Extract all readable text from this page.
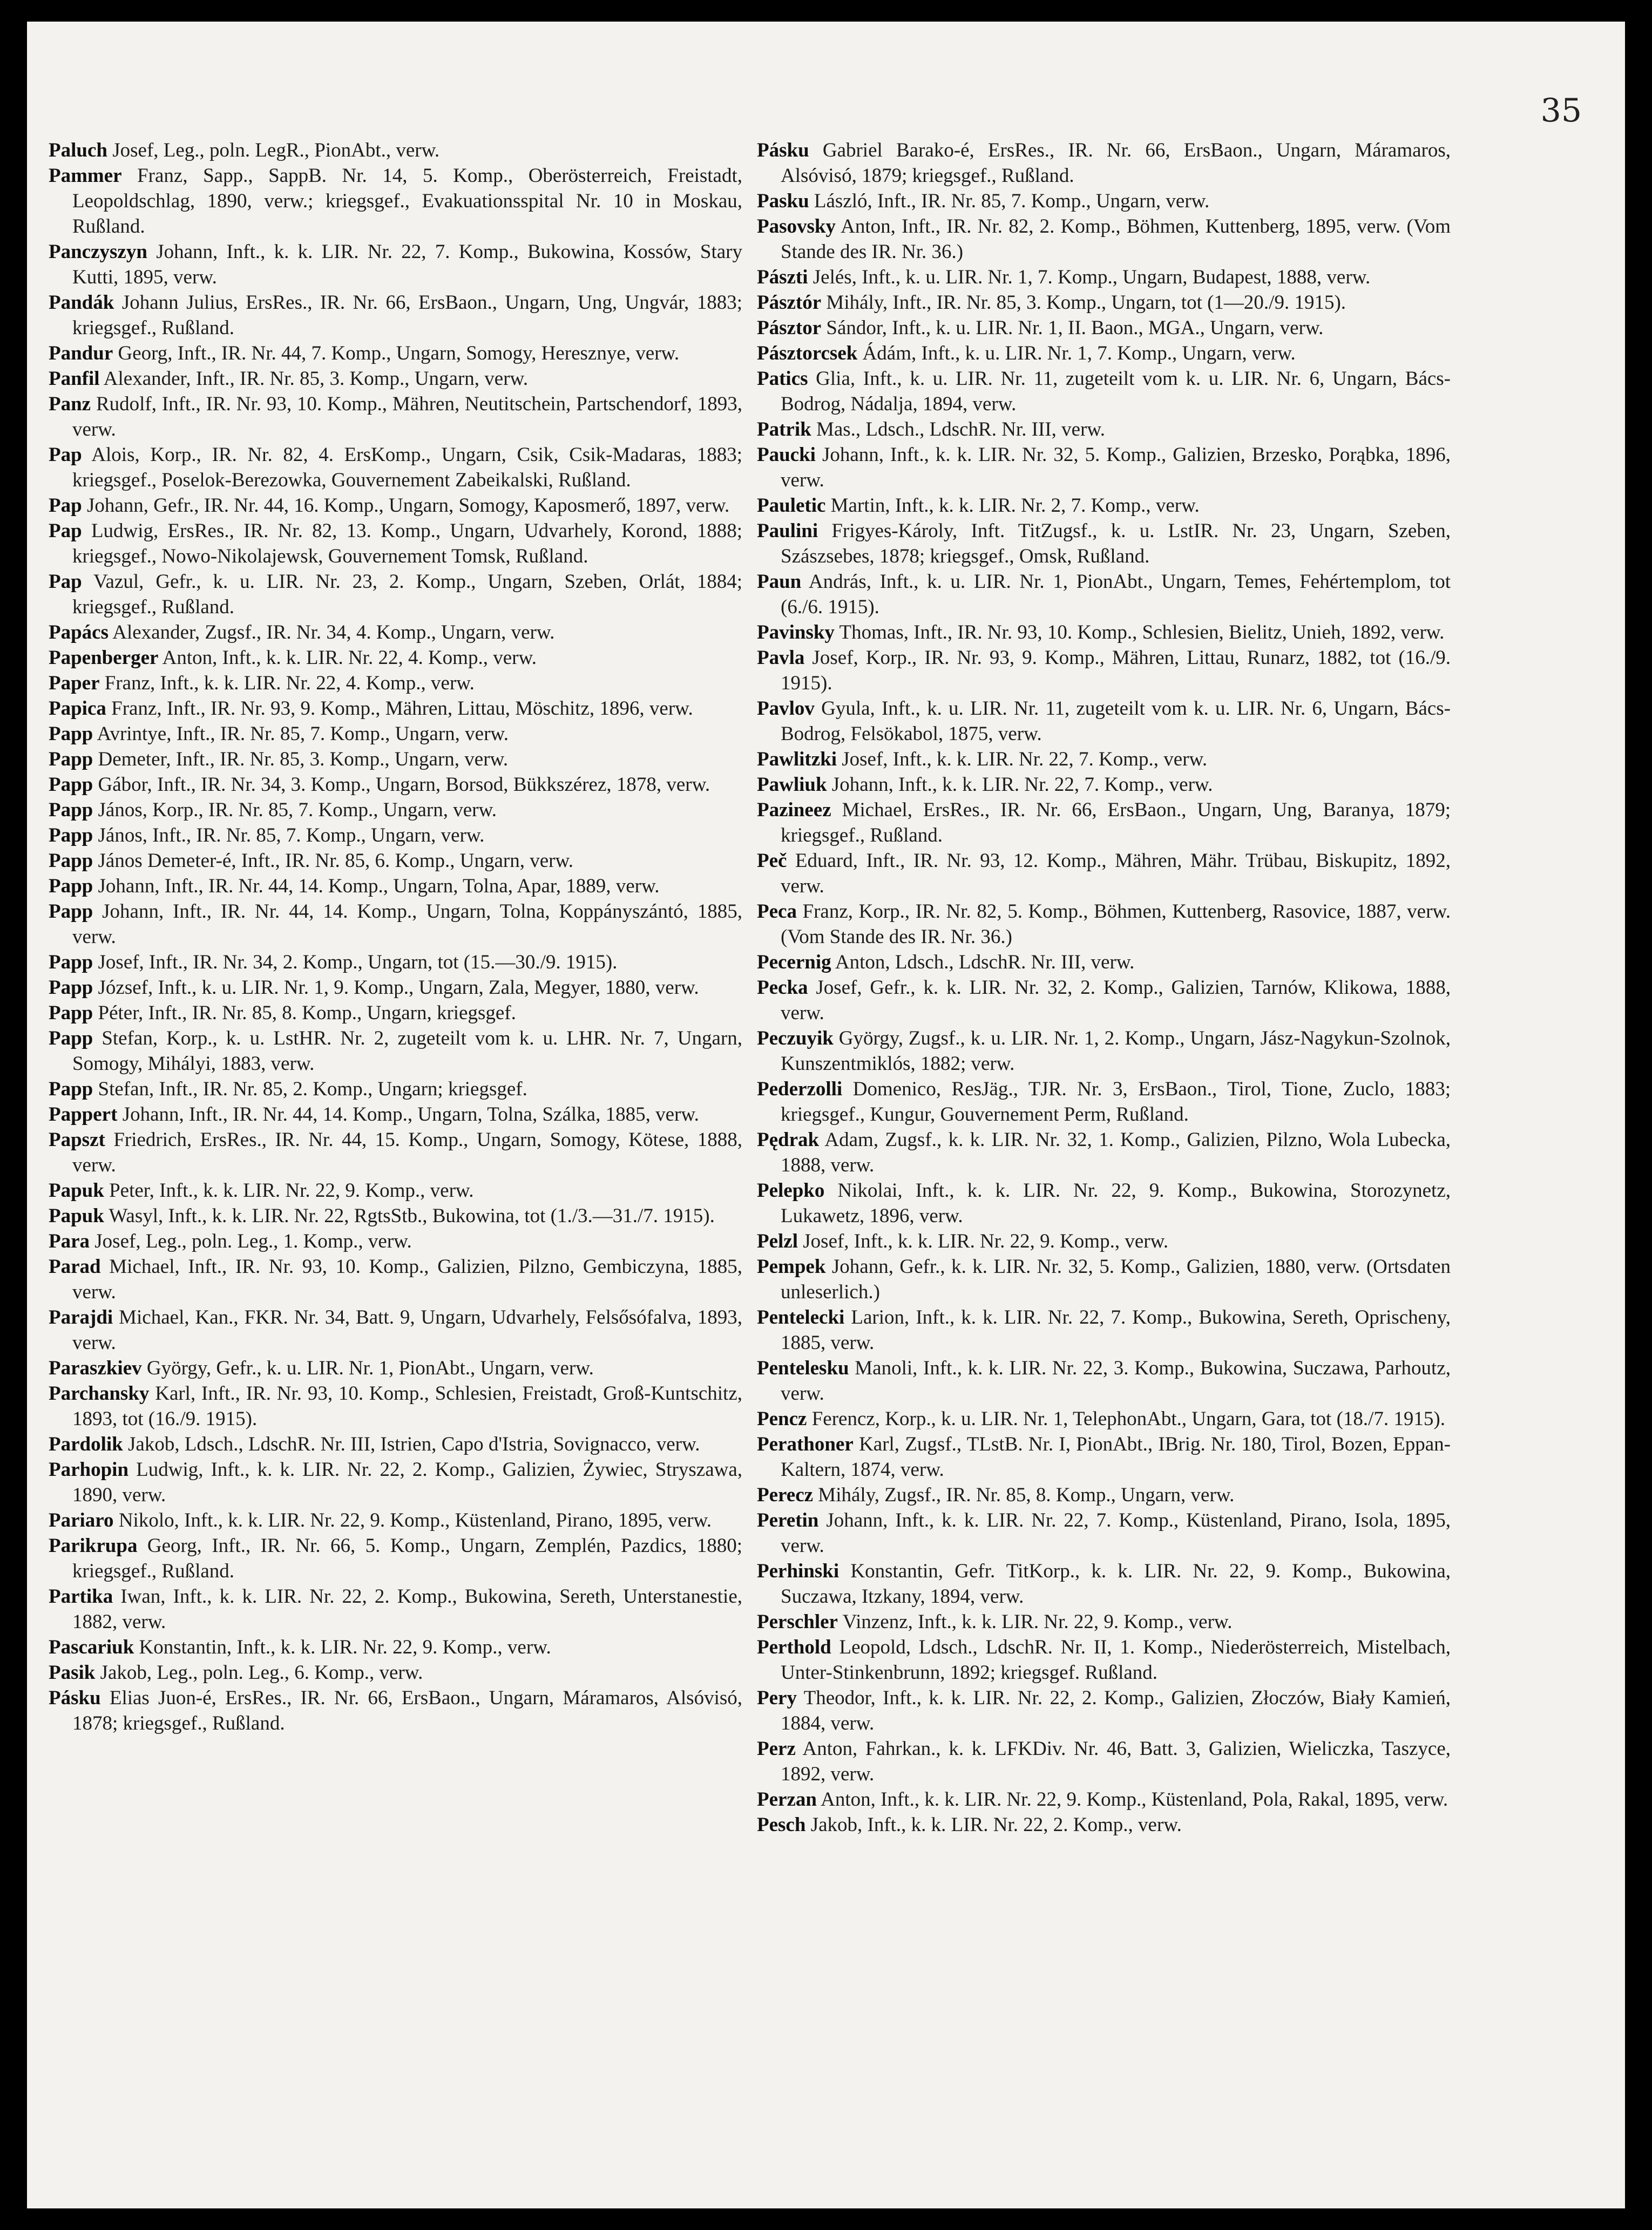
35

Paluch Josef, Leg., poln. LegR., PionAbt., verw.

Pammer Franz, Sapp., SappB. Nr. 14, 5. Komp., Oberösterreich, Freistadt, Leopoldschlag, 1890, verw.; kriegsgef., Evakuationsspital Nr. 10 in Moskau, Rußland.

Panczyszyn Johann, Inft., k. k. LIR. Nr. 22, 7. Komp., Bukowina, Kossów, Stary Kutti, 1895, verw.

Pandák Johann Julius, ErsRes., IR. Nr. 66, ErsBaon., Ungarn, Ung, Ungvár, 1883; kriegsgef., Rußland.

Pandur Georg, Inft., IR. Nr. 44, 7. Komp., Ungarn, Somogy, Heresznye, verw.

Panfil Alexander, Inft., IR. Nr. 85, 3. Komp., Ungarn, verw.

Panz Rudolf, Inft., IR. Nr. 93, 10. Komp., Mähren, Neutitschein, Partschendorf, 1893, verw.

Pap Alois, Korp., IR. Nr. 82, 4. ErsKomp., Ungarn, Csik, Csik-Madaras, 1883; kriegsgef., Poselok-Berezowka, Gouvernement Zabeikalski, Rußland.

Pap Johann, Gefr., IR. Nr. 44, 16. Komp., Ungarn, Somogy, Kaposmerő, 1897, verw.

Pap Ludwig, ErsRes., IR. Nr. 82, 13. Komp., Ungarn, Udvarhely, Korond, 1888; kriegsgef., Nowo-Nikolajewsk, Gouvernement Tomsk, Rußland.

Pap Vazul, Gefr., k. u. LIR. Nr. 23, 2. Komp., Ungarn, Szeben, Orlát, 1884; kriegsgef., Rußland.

Papács Alexander, Zugsf., IR. Nr. 34, 4. Komp., Ungarn, verw.

Papenberger Anton, Inft., k. k. LIR. Nr. 22, 4. Komp., verw.

Paper Franz, Inft., k. k. LIR. Nr. 22, 4. Komp., verw.

Papica Franz, Inft., IR. Nr. 93, 9. Komp., Mähren, Littau, Möschitz, 1896, verw.

Papp Avrintye, Inft., IR. Nr. 85, 7. Komp., Ungarn, verw.

Papp Demeter, Inft., IR. Nr. 85, 3. Komp., Ungarn, verw.

Papp Gábor, Inft., IR. Nr. 34, 3. Komp., Ungarn, Borsod, Bükkszérez, 1878, verw.

Papp János, Korp., IR. Nr. 85, 7. Komp., Ungarn, verw.

Papp János, Inft., IR. Nr. 85, 7. Komp., Ungarn, verw.

Papp János Demeter-é, Inft., IR. Nr. 85, 6. Komp., Ungarn, verw.

Papp Johann, Inft., IR. Nr. 44, 14. Komp., Ungarn, Tolna, Apar, 1889, verw.

Papp Johann, Inft., IR. Nr. 44, 14. Komp., Ungarn, Tolna, Koppányszántó, 1885, verw.

Papp Josef, Inft., IR. Nr. 34, 2. Komp., Ungarn, tot (15.—30./9. 1915).

Papp József, Inft., k. u. LIR. Nr. 1, 9. Komp., Ungarn, Zala, Megyer, 1880, verw.

Papp Péter, Inft., IR. Nr. 85, 8. Komp., Ungarn, kriegsgef.

Papp Stefan, Korp., k. u. LstHR. Nr. 2, zugeteilt vom k. u. LHR. Nr. 7, Ungarn, Somogy, Mihályi, 1883, verw.

Papp Stefan, Inft., IR. Nr. 85, 2. Komp., Ungarn; kriegsgef.

Pappert Johann, Inft., IR. Nr. 44, 14. Komp., Ungarn, Tolna, Szálka, 1885, verw.

Papszt Friedrich, ErsRes., IR. Nr. 44, 15. Komp., Ungarn, Somogy, Kötese, 1888, verw.

Papuk Peter, Inft., k. k. LIR. Nr. 22, 9. Komp., verw.

Papuk Wasyl, Inft., k. k. LIR. Nr. 22, RgtsStb., Bukowina, tot (1./3.—31./7. 1915).

Para Josef, Leg., poln. Leg., 1. Komp., verw.

Parad Michael, Inft., IR. Nr. 93, 10. Komp., Galizien, Pilzno, Gembiczyna, 1885, verw.

Parajdi Michael, Kan., FKR. Nr. 34, Batt. 9, Ungarn, Udvarhely, Felsősófalva, 1893, verw.

Paraszkiev György, Gefr., k. u. LIR. Nr. 1, PionAbt., Ungarn, verw.

Parchansky Karl, Inft., IR. Nr. 93, 10. Komp., Schlesien, Freistadt, Groß-Kuntschitz, 1893, tot (16./9. 1915).

Pardolik Jakob, Ldsch., LdschR. Nr. III, Istrien, Capo d'Istria, Sovignacco, verw.

Parhopin Ludwig, Inft., k. k. LIR. Nr. 22, 2. Komp., Galizien, Żywiec, Stryszawa, 1890, verw.

Pariaro Nikolo, Inft., k. k. LIR. Nr. 22, 9. Komp., Küstenland, Pirano, 1895, verw.

Parikrupa Georg, Inft., IR. Nr. 66, 5. Komp., Ungarn, Zemplén, Pazdics, 1880; kriegsgef., Rußland.

Partika Iwan, Inft., k. k. LIR. Nr. 22, 2. Komp., Bukowina, Sereth, Unterstanestie, 1882, verw.

Pascariuk Konstantin, Inft., k. k. LIR. Nr. 22, 9. Komp., verw.

Pasik Jakob, Leg., poln. Leg., 6. Komp., verw.

Pásku Elias Juon-é, ErsRes., IR. Nr. 66, ErsBaon., Ungarn, Máramaros, Alsóvisó, 1878; kriegsgef., Rußland.

Pásku Gabriel Barako-é, ErsRes., IR. Nr. 66, ErsBaon., Ungarn, Máramaros, Alsóvisó, 1879; kriegsgef., Rußland.

Pasku László, Inft., IR. Nr. 85, 7. Komp., Ungarn, verw.

Pasovsky Anton, Inft., IR. Nr. 82, 2. Komp., Böhmen, Kuttenberg, 1895, verw. (Vom Stande des IR. Nr. 36.)

Pászti Jelés, Inft., k. u. LIR. Nr. 1, 7. Komp., Ungarn, Budapest, 1888, verw.

Pásztór Mihály, Inft., IR. Nr. 85, 3. Komp., Ungarn, tot (1—20./9. 1915).

Pásztor Sándor, Inft., k. u. LIR. Nr. 1, II. Baon., MGA., Ungarn, verw.

Pásztorcsek Ádám, Inft., k. u. LIR. Nr. 1, 7. Komp., Ungarn, verw.

Patics Glia, Inft., k. u. LIR. Nr. 11, zugeteilt vom k. u. LIR. Nr. 6, Ungarn, Bács-Bodrog, Nádalja, 1894, verw.

Patrik Mas., Ldsch., LdschR. Nr. III, verw.

Paucki Johann, Inft., k. k. LIR. Nr. 32, 5. Komp., Galizien, Brzesko, Porąbka, 1896, verw.

Pauletic Martin, Inft., k. k. LIR. Nr. 2, 7. Komp., verw.

Paulini Frigyes-Károly, Inft. TitZugsf., k. u. LstIR. Nr. 23, Ungarn, Szeben, Szászsebes, 1878; kriegsgef., Omsk, Rußland.

Paun András, Inft., k. u. LIR. Nr. 1, PionAbt., Ungarn, Temes, Fehértemplom, tot (6./6. 1915).

Pavinsky Thomas, Inft., IR. Nr. 93, 10. Komp., Schlesien, Bielitz, Unieh, 1892, verw.

Pavla Josef, Korp., IR. Nr. 93, 9. Komp., Mähren, Littau, Runarz, 1882, tot (16./9. 1915).

Pavlov Gyula, Inft., k. u. LIR. Nr. 11, zugeteilt vom k. u. LIR. Nr. 6, Ungarn, Bács-Bodrog, Felsökabol, 1875, verw.

Pawlitzki Josef, Inft., k. k. LIR. Nr. 22, 7. Komp., verw.

Pawliuk Johann, Inft., k. k. LIR. Nr. 22, 7. Komp., verw.

Pazineez Michael, ErsRes., IR. Nr. 66, ErsBaon., Ungarn, Ung, Baranya, 1879; kriegsgef., Rußland.

Peč Eduard, Inft., IR. Nr. 93, 12. Komp., Mähren, Mähr. Trübau, Biskupitz, 1892, verw.

Peca Franz, Korp., IR. Nr. 82, 5. Komp., Böhmen, Kuttenberg, Rasovice, 1887, verw. (Vom Stande des IR. Nr. 36.)

Pecernig Anton, Ldsch., LdschR. Nr. III, verw.

Pecka Josef, Gefr., k. k. LIR. Nr. 32, 2. Komp., Galizien, Tarnów, Klikowa, 1888, verw.

Peczuyik György, Zugsf., k. u. LIR. Nr. 1, 2. Komp., Ungarn, Jász-Nagykun-Szolnok, Kunszentmiklós, 1882; verw.

Pederzolli Domenico, ResJäg., TJR. Nr. 3, ErsBaon., Tirol, Tione, Zuclo, 1883; kriegsgef., Kungur, Gouvernement Perm, Rußland.

Pędrak Adam, Zugsf., k. k. LIR. Nr. 32, 1. Komp., Galizien, Pilzno, Wola Lubecka, 1888, verw.

Pelepko Nikolai, Inft., k. k. LIR. Nr. 22, 9. Komp., Bukowina, Storozynetz, Lukawetz, 1896, verw.

Pelzl Josef, Inft., k. k. LIR. Nr. 22, 9. Komp., verw.

Pempek Johann, Gefr., k. k. LIR. Nr. 32, 5. Komp., Galizien, 1880, verw. (Ortsdaten unleserlich.)

Pentelecki Larion, Inft., k. k. LIR. Nr. 22, 7. Komp., Bukowina, Sereth, Oprischeny, 1885, verw.

Pentelesku Manoli, Inft., k. k. LIR. Nr. 22, 3. Komp., Bukowina, Suczawa, Parhoutz, verw.

Pencz Ferencz, Korp., k. u. LIR. Nr. 1, TelephonAbt., Ungarn, Gara, tot (18./7. 1915).

Perathoner Karl, Zugsf., TLstB. Nr. I, PionAbt., IBrig. Nr. 180, Tirol, Bozen, Eppan-Kaltern, 1874, verw.

Perecz Mihály, Zugsf., IR. Nr. 85, 8. Komp., Ungarn, verw.

Peretin Johann, Inft., k. k. LIR. Nr. 22, 7. Komp., Küstenland, Pirano, Isola, 1895, verw.

Perhinski Konstantin, Gefr. TitKorp., k. k. LIR. Nr. 22, 9. Komp., Bukowina, Suczawa, Itzkany, 1894, verw.

Perschler Vinzenz, Inft., k. k. LIR. Nr. 22, 9. Komp., verw.

Perthold Leopold, Ldsch., LdschR. Nr. II, 1. Komp., Niederösterreich, Mistelbach, Unter-Stinkenbrunn, 1892; kriegsgef. Rußland.

Pery Theodor, Inft., k. k. LIR. Nr. 22, 2. Komp., Galizien, Złoczów, Biały Kamień, 1884, verw.

Perz Anton, Fahrkan., k. k. LFKDiv. Nr. 46, Batt. 3, Galizien, Wieliczka, Taszyce, 1892, verw.

Perzan Anton, Inft., k. k. LIR. Nr. 22, 9. Komp., Küstenland, Pola, Rakal, 1895, verw.

Pesch Jakob, Inft., k. k. LIR. Nr. 22, 2. Komp., verw.
